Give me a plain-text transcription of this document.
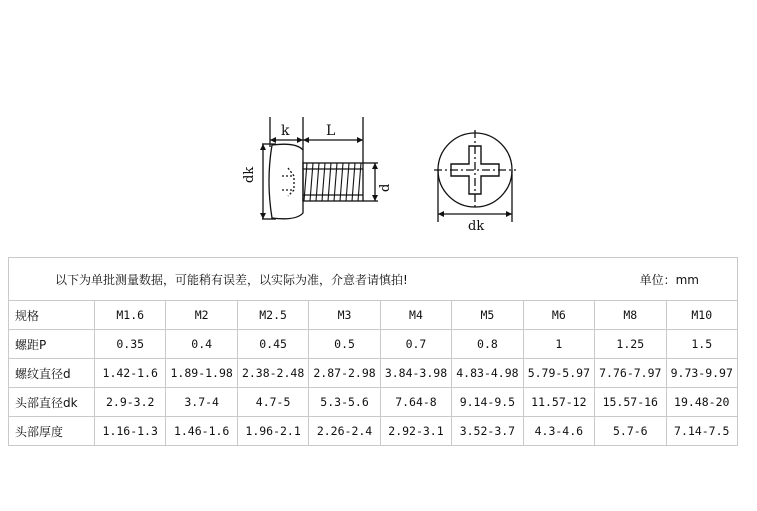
k	L
dk
d
dk
以下为单批测量数据，可能稍有误差，以实际为准，介意者请慎拍! 单位：mm									

规格	M1.6	M2	M2.5	M3	M4	M5	M6	M8	M10
螺距P	0.35	0.4	0.45	0.5	0.7	0.8	1	1.25	1.5
螺纹直径d	1.42-1.6	1.89-1.98	2.38-2.48	2.87-2.98	3.84-3.98	4.83-4.98	5.79-5.97	7.76-7.97	9.73-9.97
头部直径dk	2.9-3.2	3.7-4	4.7-5	5.3-5.6	7.64-8	9.14-9.5	11.57-12	15.57-16	19.48-20
头部厚度	1.16-1.3	1.46-1.6	1.96-2.1	2.26-2.4	2.92-3.1	3.52-3.7	4.3-4.6	5.7-6	7.14-7.5
